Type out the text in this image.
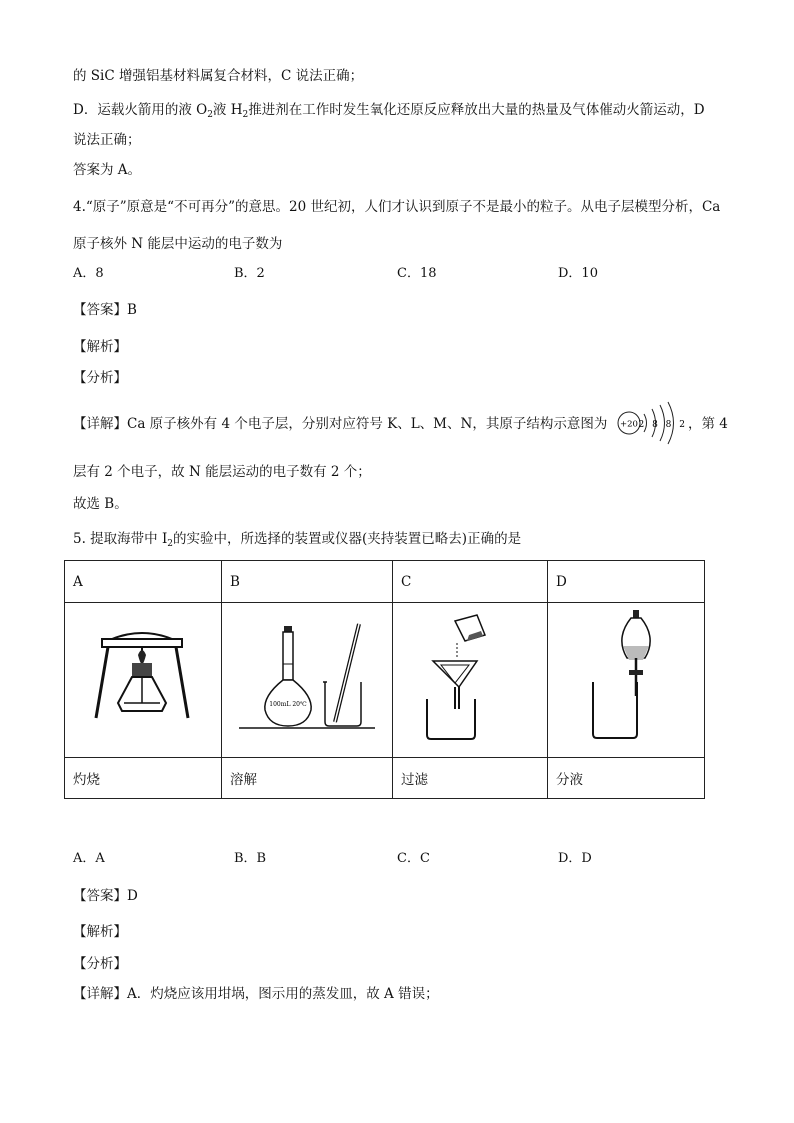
的 SiC 增强铝基材料属复合材料，C 说法正确；
D．运载火箭用的液 $O_2$液 $H_2$推进剂在工作时发生氧化还原反应释放出大量的热量及气体催动火箭运动，D
说法正确；
答案为 A。
4.“原子”原意是“不可再分”的意思。20 世纪初，人们才认识到原子不是最小的粒子。从电子层模型分析，Ca
原子核外 N 能层中运动的电子数为
A．8	B．2	C．18	D．10
【答案】B
【解析】
【分析】
【详解】Ca 原子核外有 4 个电子层，分别对应符号 K、L、M、N，其原子结构示意图为	，第 4
+20 2 8 8 2
层有 2 个电子，故 N 能层运动的电子数有 2 个；
故选 B。
5. 提取海带中 $I_2$的实验中，所选择的装置或仪器(夹持装置已略去)正确的是
A	B	C	D

100mL 20℃

灼烧	溶解	过滤	分液
A．A	B．B	C．C	D．D
【答案】D
【解析】
【分析】
【详解】A．灼烧应该用坩埚，图示用的蒸发皿，故 A 错误；
